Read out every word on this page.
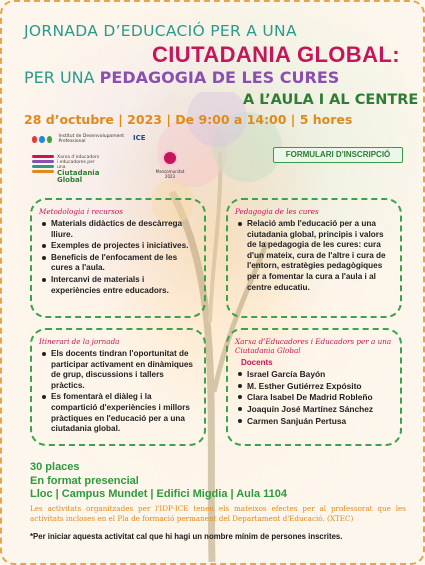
JORNADA D’EDUCACIÓ PER A UNA
CIUTADANIA GLOBAL:
PER UNA PEDAGOGIA DE LES CURES
A L’AULA I AL CENTRE
28 d’octubre | 2023 | De 9:00 a 14:00 | 5 hores
Institut de Desenvolupament Professional	ICE
Xarxa d’educadors i educadores per una
Ciutadania Global
Mancomunitat 2023
FORMULARI D'INSCRIPCIÓ
Metodologia i recursos
Materials didàctics de descàrrega lliure.
Exemples de projectes i iniciatives.
Beneficis de l'enfocament de les cures a l'aula.
Intercanvi de materials i experiències entre educadors.
Pedagogia de les cures
Relació amb l'educació per a una ciutadania global, principis i valors de la pedagogia de les cures: cura d'un mateix, cura de l'altre i cura de l'entorn, estratègies pedagògiques per a fomentar la cura a l'aula i al centre educatiu.
Itinerari de la jornada
Els docents tindran l'oportunitat de participar activament en dinàmiques de grup, discussions i tallers pràctics.
Es fomentarà el diàleg i la compartició d'experiències i millors pràctiques en l'educació per a una ciutadania global.
Xarxa d’Educadores i Educadors per a una Ciutadania Global
Docents
Israel García Bayón
M. Esther Gutiérrez Expósito
Clara Isabel De Madrid Robleño
Joaquín José Martínez Sánchez
Carmen Sanjuán Pertusa
30 places
En format presencial
Lloc | Campus Mundet | Edifici Migdia | Aula 1104
Les activitats organitzades per l'IDP-ICE tenen els mateixos efectes per al professorat que les activitats incloses en el Pla de formació permanent del Departament d'Educació. (XTEC)
*Per iniciar aquesta activitat cal que hi hagi un nombre mínim de persones inscrites.
